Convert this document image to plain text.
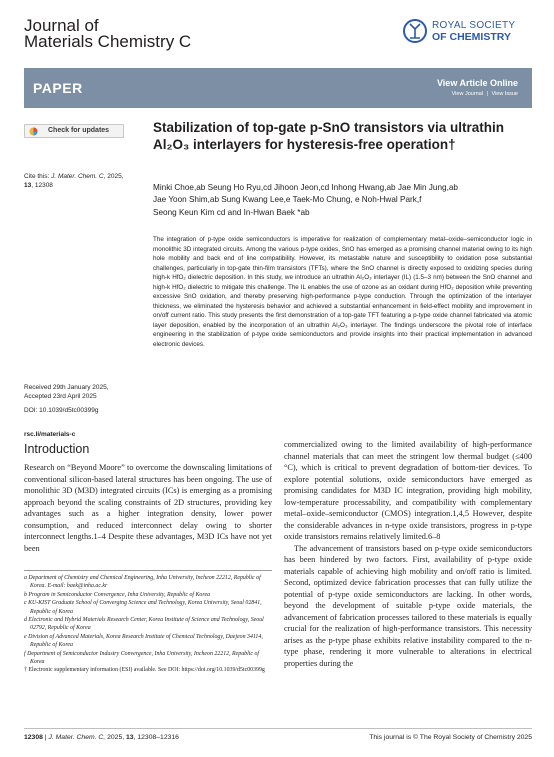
Journal of
Materials Chemistry C
ROYAL SOCIETY
OF CHEMISTRY
PAPER	View Article Online
View Journal | View Issue
Check for updates
Cite this: J. Mater. Chem. C, 2025,
13, 12308
Stabilization of top-gate p-SnO transistors via ultrathin Al₂O₃ interlayers for hysteresis-free operation†
Minki Choe,ab Seung Ho Ryu,cd Jihoon Jeon,cd Inhong Hwang,ab Jae Min Jung,ab
Jae Yoon Shim,ab Sung Kwang Lee,e Taek-Mo Chung, e Noh-Hwal Park,f
Seong Keun Kim cd and In-Hwan Baek *ab
The integration of p-type oxide semiconductors is imperative for realization of complementary metal–oxide–semiconductor logic in monolithic 3D integrated circuits. Among the various p-type oxides, SnO has emerged as a promising channel material owing to its high hole mobility and back end of line compatibility. However, its metastable nature and susceptibility to oxidation pose substantial challenges, particularly in top-gate thin-film transistors (TFTs), where the SnO channel is directly exposed to oxidizing species during high-k HfO₂ dielectric deposition. In this study, we introduce an ultrathin Al₂O₃ interlayer (IL) (1.5–3 nm) between the SnO channel and high-k HfO₂ dielectric to mitigate this challenge. The IL enables the use of ozone as an oxidant during HfO₂ deposition while preventing excessive SnO oxidation, and thereby preserving high-performance p-type conduction. Through the optimization of the interlayer thickness, we eliminated the hysteresis behavior and achieved a substantial enhancement in field-effect mobility and improvement in on/off current ratio. This study presents the first demonstration of a top-gate TFT featuring a p-type oxide channel fabricated via atomic layer deposition, enabled by the incorporation of an ultrathin Al₂O₃ interlayer. The findings underscore the pivotal role of interface engineering in the stabilization of p-type oxide semiconductors and provide insights into their practical implementation in advanced electronic devices.
Received 29th January 2025,
Accepted 23rd April 2025
DOI: 10.1039/d5tc00399g
rsc.li/materials-c
Introduction

Research on “Beyond Moore” to overcome the downscaling limitations of conventional silicon-based lateral structures has been ongoing. The use of monolithic 3D (M3D) integrated circuits (ICs) is emerging as a promising approach beyond the scaling constraints of 2D structures, providing key advantages such as a higher integration density, lower power consumption, and reduced interconnect delay owing to shorter interconnect lengths.1–4 Despite these advantages, M3D ICs have not yet been

commercialized owing to the limited availability of high-performance channel materials that can meet the stringent low thermal budget (≤400 °C), which is critical to prevent degradation of bottom-tier devices. To explore potential solutions, oxide semiconductors have emerged as promising candidates for M3D IC integration, providing high mobility, low-temperature processability, and compatibility with complementary metal–oxide–semiconductor (CMOS) integration.1,4,5 However, despite the considerable advances in n-type oxide transistors, progress in p-type oxide transistors remains relatively limited.6–8

The advancement of transistors based on p-type oxide semiconductors has been hindered by two factors. First, availability of p-type oxide materials capable of achieving high mobility and on/off ratio is limited. Second, optimized device fabrication processes that can fully utilize the potential of p-type oxide semiconductors are lacking. In other words, beyond the development of suitable p-type oxide materials, the advancement of fabrication processes tailored to these materials is equally crucial for the realization of high-performance transistors. This necessity arises as the p-type phase exhibits relative instability compared to the n-type phase, rendering it more vulnerable to alterations in electrical properties during the

a Department of Chemistry and Chemical Engineering, Inha University, Incheon 22212, Republic of Korea. E-mail: baek@inha.ac.kr
b Program in Semiconductor Convergence, Inha University, Republic of Korea
c KU-KIST Graduate School of Converging Science and Technology, Korea University, Seoul 02841, Republic of Korea
d Electronic and Hybrid Materials Research Center, Korea Institute of Science and Technology, Seoul 02792, Republic of Korea
e Division of Advanced Materials, Korea Research Institute of Chemical Technology, Daejeon 34114, Republic of Korea
f Department of Semiconductor Industry Convergence, Inha University, Incheon 22212, Republic of Korea
† Electronic supplementary information (ESI) available. See DOI: https://doi.org/10.1039/d5tc00399g
12308 | J. Mater. Chem. C, 2025, 13, 12308–12316	This journal is © The Royal Society of Chemistry 2025
